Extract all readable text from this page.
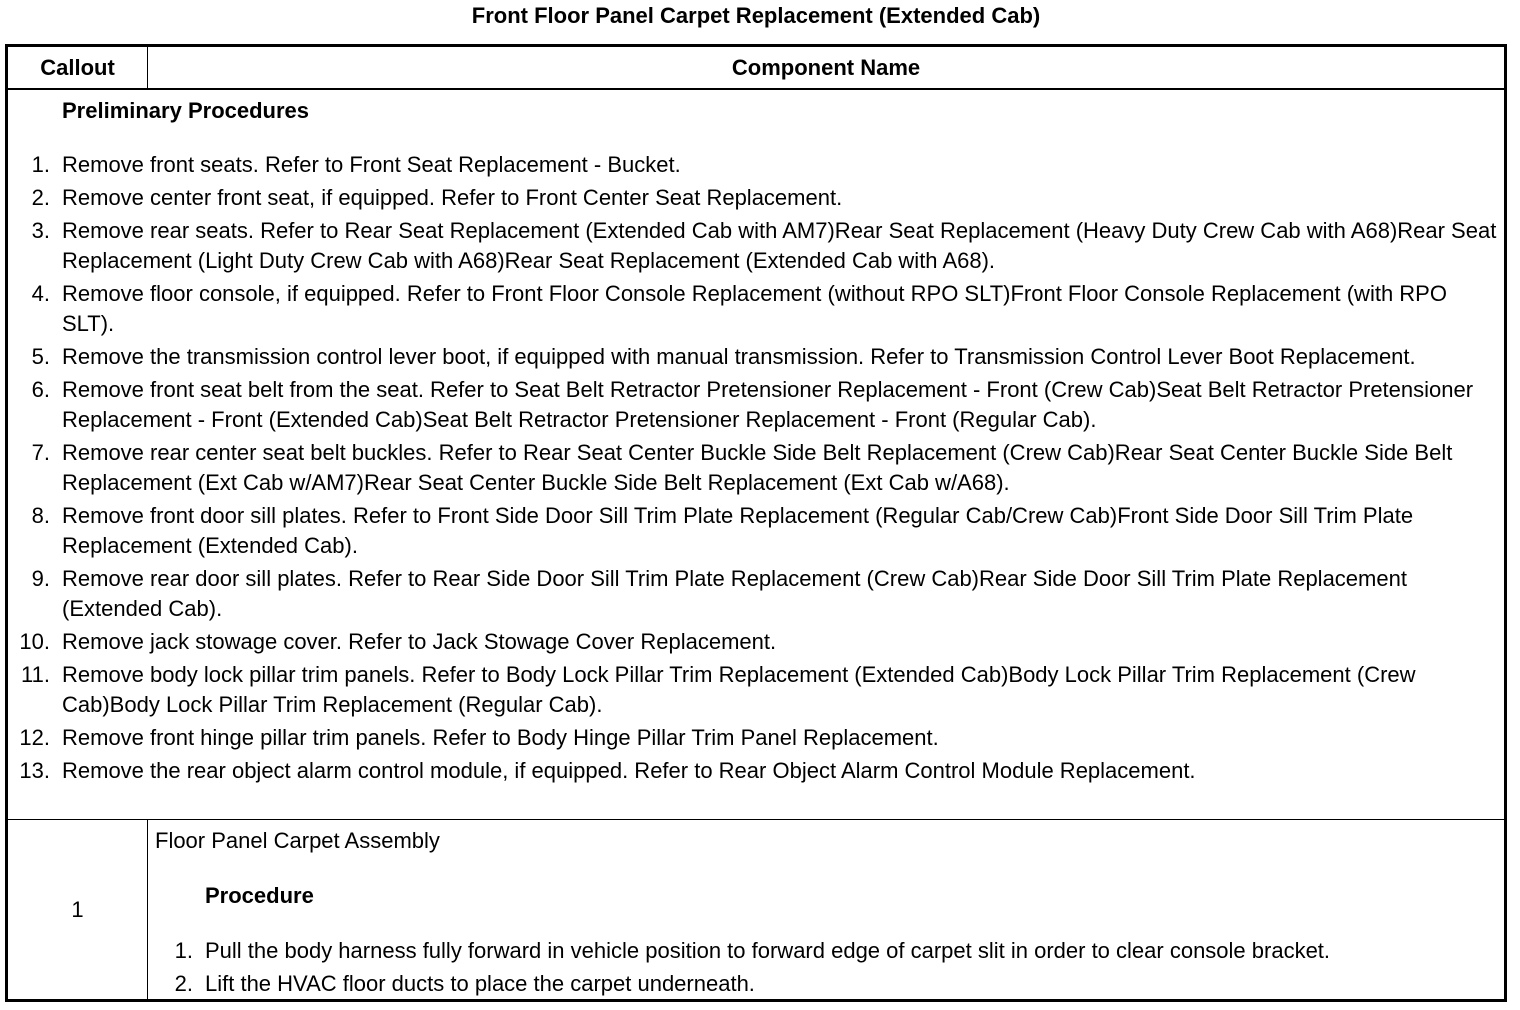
Front Floor Panel Carpet Replacement (Extended Cab)
Callout	Component Name
Preliminary Procedures
1. Remove front seats. Refer to Front Seat Replacement - Bucket.
2. Remove center front seat, if equipped. Refer to Front Center Seat Replacement.
3. Remove rear seats. Refer to Rear Seat Replacement (Extended Cab with AM7)Rear Seat Replacement (Heavy Duty Crew Cab with A68)Rear Seat Replacement (Light Duty Crew Cab with A68)Rear Seat Replacement (Extended Cab with A68).
4. Remove floor console, if equipped. Refer to Front Floor Console Replacement (without RPO SLT)Front Floor Console Replacement (with RPO SLT).
5. Remove the transmission control lever boot, if equipped with manual transmission. Refer to Transmission Control Lever Boot Replacement.
6. Remove front seat belt from the seat. Refer to Seat Belt Retractor Pretensioner Replacement - Front (Crew Cab)Seat Belt Retractor Pretensioner Replacement - Front (Extended Cab)Seat Belt Retractor Pretensioner Replacement - Front (Regular Cab).
7. Remove rear center seat belt buckles. Refer to Rear Seat Center Buckle Side Belt Replacement (Crew Cab)Rear Seat Center Buckle Side Belt Replacement (Ext Cab w/AM7)Rear Seat Center Buckle Side Belt Replacement (Ext Cab w/A68).
8. Remove front door sill plates. Refer to Front Side Door Sill Trim Plate Replacement (Regular Cab/Crew Cab)Front Side Door Sill Trim Plate Replacement (Extended Cab).
9. Remove rear door sill plates. Refer to Rear Side Door Sill Trim Plate Replacement (Crew Cab)Rear Side Door Sill Trim Plate Replacement (Extended Cab).
10. Remove jack stowage cover. Refer to Jack Stowage Cover Replacement.
11. Remove body lock pillar trim panels. Refer to Body Lock Pillar Trim Replacement (Extended Cab)Body Lock Pillar Trim Replacement (Crew Cab)Body Lock Pillar Trim Replacement (Regular Cab).
12. Remove front hinge pillar trim panels. Refer to Body Hinge Pillar Trim Panel Replacement.
13. Remove the rear object alarm control module, if equipped. Refer to Rear Object Alarm Control Module Replacement.
1
Floor Panel Carpet Assembly
Procedure
1. Pull the body harness fully forward in vehicle position to forward edge of carpet slit in order to clear console bracket.
2. Lift the HVAC floor ducts to place the carpet underneath.
